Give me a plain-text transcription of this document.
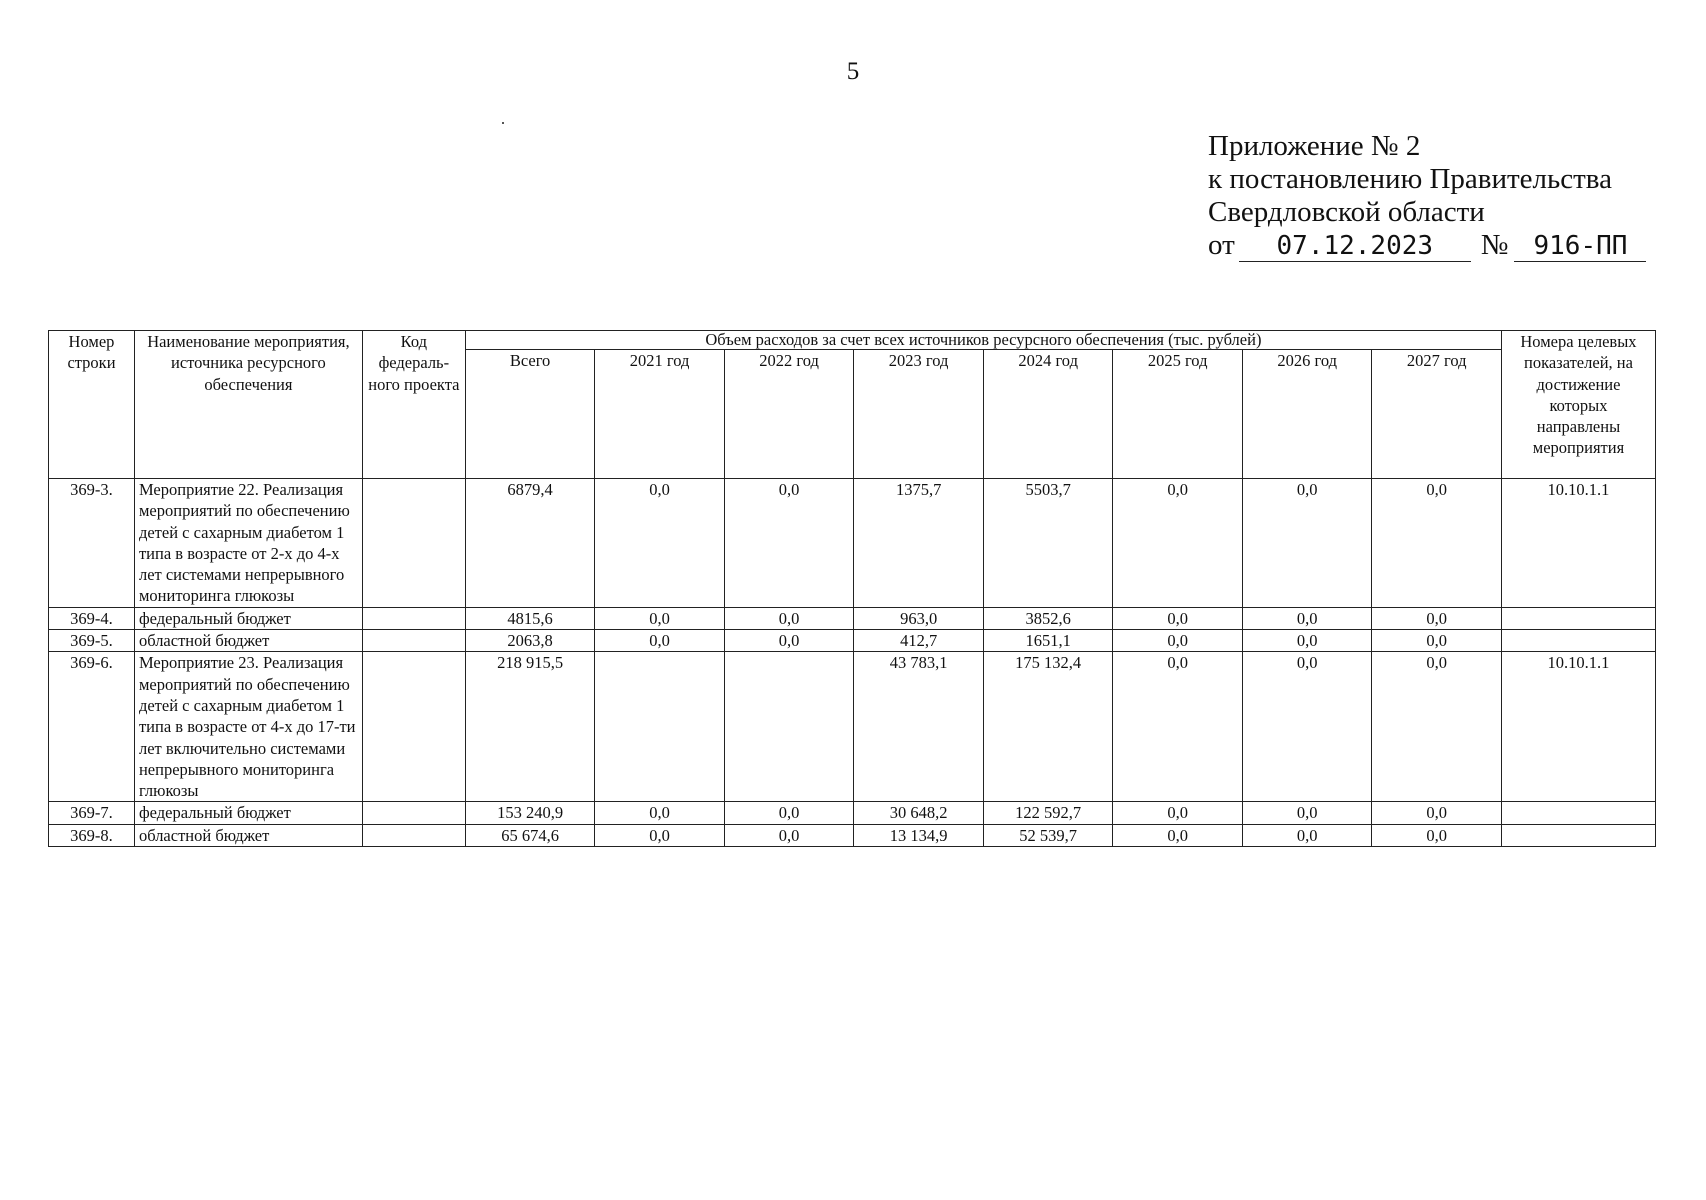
5
Приложение № 2
к постановлению Правительства
Свердловской области
от	07.12.2023	№ 916-ПП
Номер строки	Наименование мероприятия, источника ресурсного обеспечения	Код федераль-ного проекта	Объем расходов за счет всех источников ресурсного обеспечения (тыс. рублей)								Номера целевых показателей, на достижение которых направлены мероприятия
			Всего	2021 год	2022 год	2023 год	2024 год	2025 год	2026 год	2027 год	
369-3.	Мероприятие 22. Реализация мероприятий по обеспечению детей с сахарным диабетом 1 типа в возрасте от 2-х до 4-х лет системами непрерывного мониторинга глюкозы		6879,4	0,0	0,0	1375,7	5503,7	0,0	0,0	0,0	10.10.1.1
369-4.	федеральный бюджет		4815,6	0,0	0,0	963,0	3852,6	0,0	0,0	0,0	
369-5.	областной бюджет		2063,8	0,0	0,0	412,7	1651,1	0,0	0,0	0,0	
369-6.	Мероприятие 23. Реализация мероприятий по обеспечению детей с сахарным диабетом 1 типа в возрасте от 4-х до 17-ти лет включительно системами непрерывного мониторинга глюкозы		218 915,5			43 783,1	175 132,4	0,0	0,0	0,0	10.10.1.1
369-7.	федеральный бюджет		153 240,9	0,0	0,0	30 648,2	122 592,7	0,0	0,0	0,0	
369-8.	областной бюджет		65 674,6	0,0	0,0	13 134,9	52 539,7	0,0	0,0	0,0	
